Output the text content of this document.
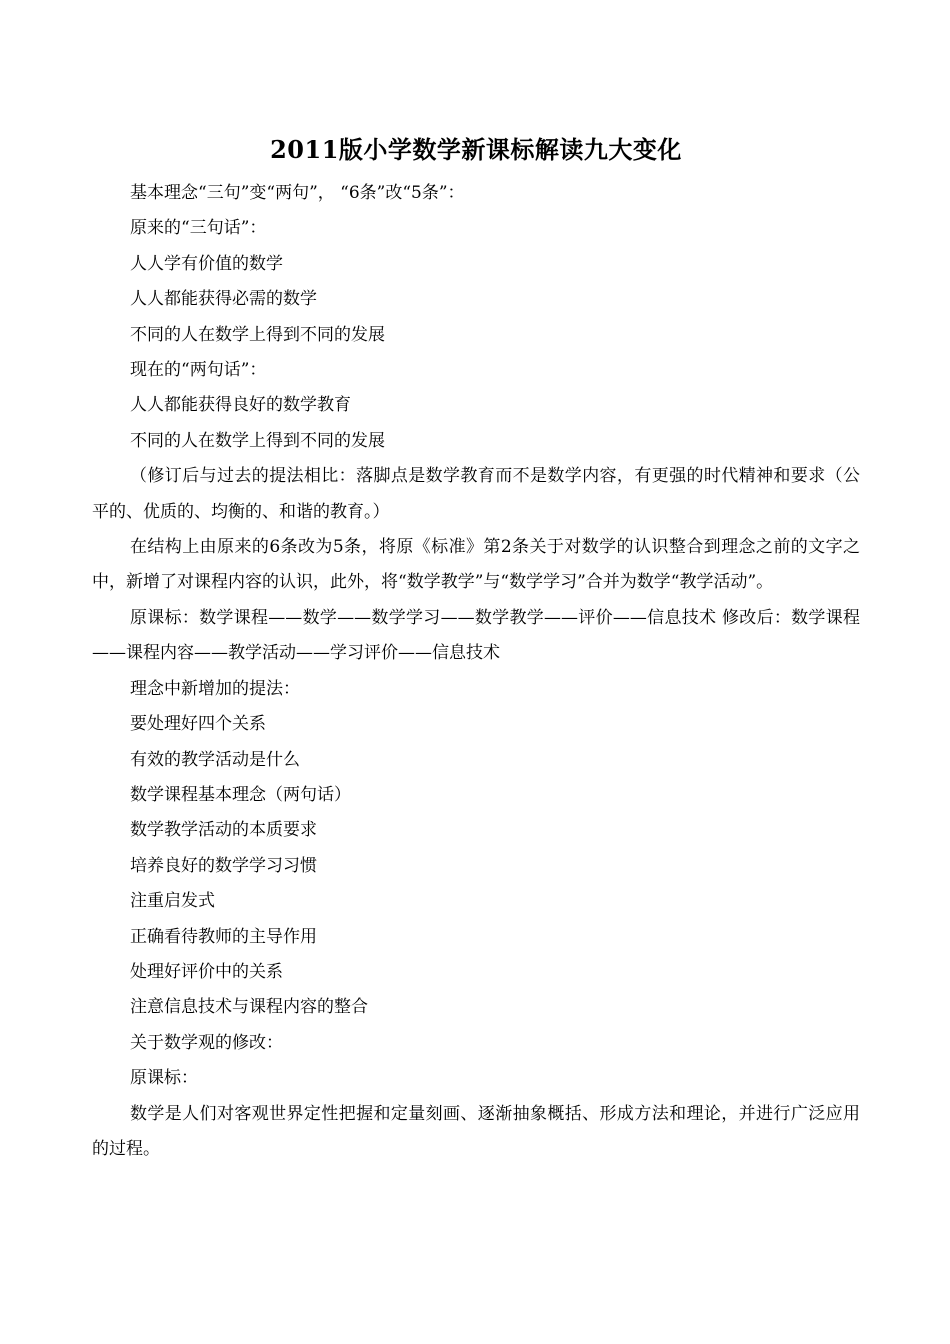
2011版小学数学新课标解读九大变化

基本理念“三句”变“两句”， “6条”改“5条”：

原来的“三句话”：

人人学有价值的数学

人人都能获得必需的数学

不同的人在数学上得到不同的发展

现在的“两句话”：

人人都能获得良好的数学教育

不同的人在数学上得到不同的发展

（修订后与过去的提法相比：落脚点是数学教育而不是数学内容，有更强的时代精神和要求（公平的、优质的、均衡的、和谐的教育。）

在结构上由原来的6条改为5条，将原《标准》第2条关于对数学的认识整合到理念之前的文字之中，新增了对课程内容的认识，此外，将“数学教学”与“数学学习”合并为数学“教学活动”。

原课标：数学课程——数学——数学学习——数学教学——评价——信息技术 修改后：数学课程——课程内容——教学活动——学习评价——信息技术

理念中新增加的提法：

要处理好四个关系

有效的教学活动是什么

数学课程基本理念（两句话）

数学教学活动的本质要求

培养良好的数学学习习惯

注重启发式

正确看待教师的主导作用

处理好评价中的关系

注意信息技术与课程内容的整合

关于数学观的修改：

原课标：

数学是人们对客观世界定性把握和定量刻画、逐渐抽象概括、形成方法和理论，并进行广泛应用的过程。
